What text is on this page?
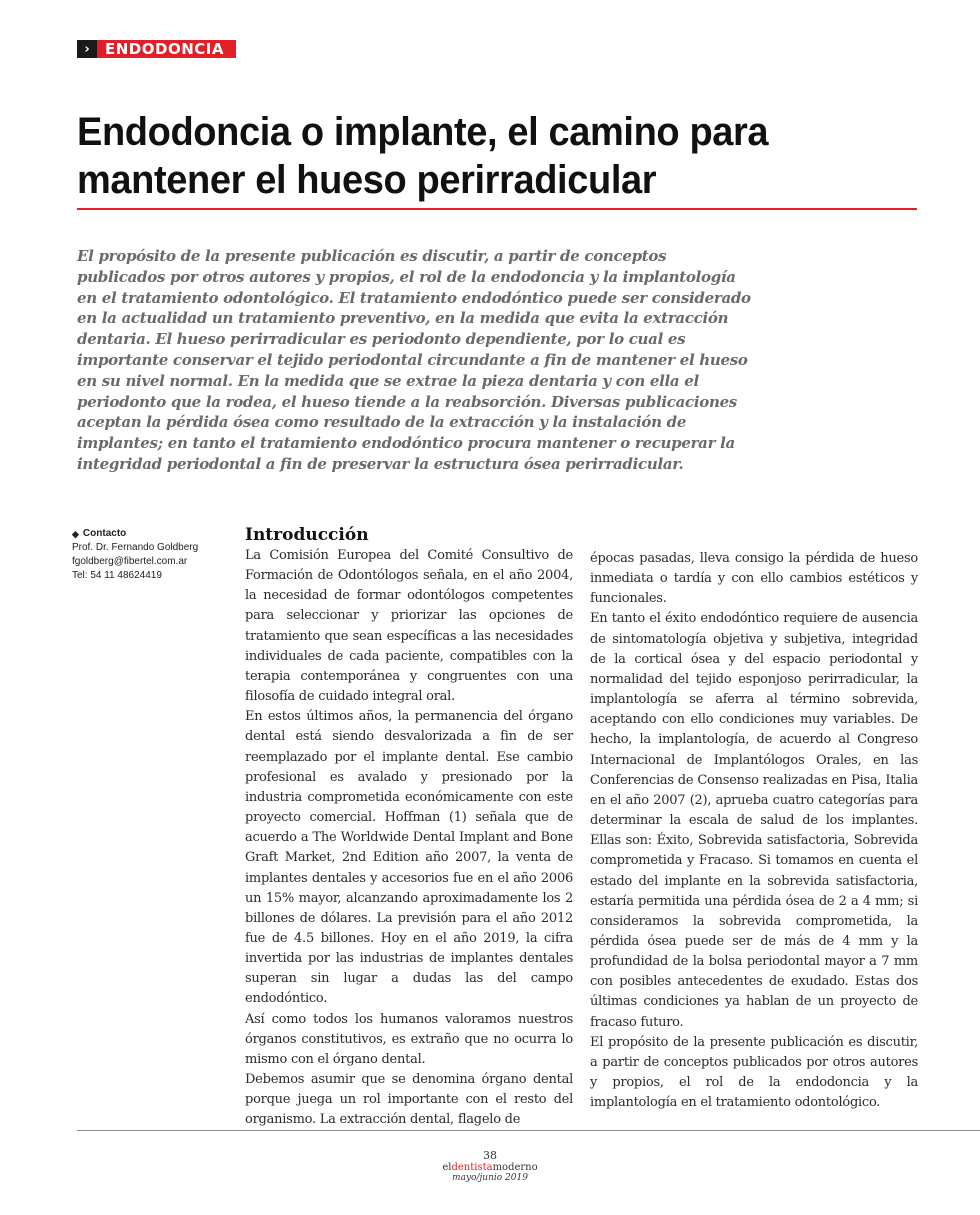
›	ENDODONCIA
Endodoncia o implante, el camino para mantener el hueso perirradicular

El propósito de la presente publicación es discutir, a partir de conceptos publicados por otros autores y propios, el rol de la endodoncia y la implantología en el tratamiento odontológico. El tratamiento endodóntico puede ser considerado en la actualidad un tratamiento preventivo, en la medida que evita la extracción dentaria. El hueso perirradicular es periodonto dependiente, por lo cual es importante conservar el tejido periodontal circundante a fin de mantener el hueso en su nivel normal. En la medida que se extrae la pieza dentaria y con ella el periodonto que la rodea, el hueso tiende a la reabsorción. Diversas publicaciones aceptan la pérdida ósea como resultado de la extracción y la instalación de implantes; en tanto el tratamiento endodóntico procura mantener o recuperar la integridad periodontal a fin de preservar la estructura ósea perirradicular.

◆ Contacto
Prof. Dr. Fernando Goldberg
fgoldberg@fibertel.com.ar
Tel: 54 11 48624419
Introducción

La Comisión Europea del Comité Consultivo de Formación de Odontólogos señala, en el año 2004, la necesidad de formar odontólogos competentes para seleccionar y priorizar las opciones de tratamiento que sean específicas a las necesidades individuales de cada paciente, compatibles con la terapia contemporánea y congruentes con una filosofía de cuidado integral oral.

En estos últimos años, la permanencia del órgano dental está siendo desvalorizada a fin de ser reemplazado por el implante dental. Ese cambio profesional es avalado y presionado por la industria comprometida económicamente con este proyecto comercial. Hoffman (1) señala que de acuerdo a The Worldwide Dental Implant and Bone Graft Market, 2nd Edition año 2007, la venta de implantes dentales y accesorios fue en el año 2006 un 15% mayor, alcanzando aproximadamente los 2 billones de dólares. La previsión para el año 2012 fue de 4.5 billones. Hoy en el año 2019, la cifra invertida por las industrias de implantes dentales superan sin lugar a dudas las del campo endodóntico.

Así como todos los humanos valoramos nuestros órganos constitutivos, es extraño que no ocurra lo mismo con el órgano dental.

Debemos asumir que se denomina órgano dental porque juega un rol importante con el resto del organismo. La extracción dental, flagelo de

épocas pasadas, lleva consigo la pérdida de hueso inmediata o tardía y con ello cambios estéticos y funcionales.

En tanto el éxito endodóntico requiere de ausencia de sintomatología objetiva y subjetiva, integridad de la cortical ósea y del espacio periodontal y normalidad del tejido esponjoso perirradicular, la implantología se aferra al término sobrevida, aceptando con ello condiciones muy variables. De hecho, la implantología, de acuerdo al Congreso Internacional de Implantólogos Orales, en las Conferencias de Consenso realizadas en Pisa, Italia en el año 2007 (2), aprueba cuatro categorías para determinar la escala de salud de los implantes. Ellas son: Éxito, Sobrevida satisfactoria, Sobrevida comprometida y Fracaso. Si tomamos en cuenta el estado del implante en la sobrevida satisfactoria, estaría permitida una pérdida ósea de 2 a 4 mm; si consideramos la sobrevida comprometida, la pérdida ósea puede ser de más de 4 mm y la profundidad de la bolsa periodontal mayor a 7 mm con posibles antecedentes de exudado. Estas dos últimas condiciones ya hablan de un proyecto de fracaso futuro.

El propósito de la presente publicación es discutir, a partir de conceptos publicados por otros autores y propios, el rol de la endodoncia y la implantología en el tratamiento odontológico.

38
eldentistamoderno
mayo/junio 2019
